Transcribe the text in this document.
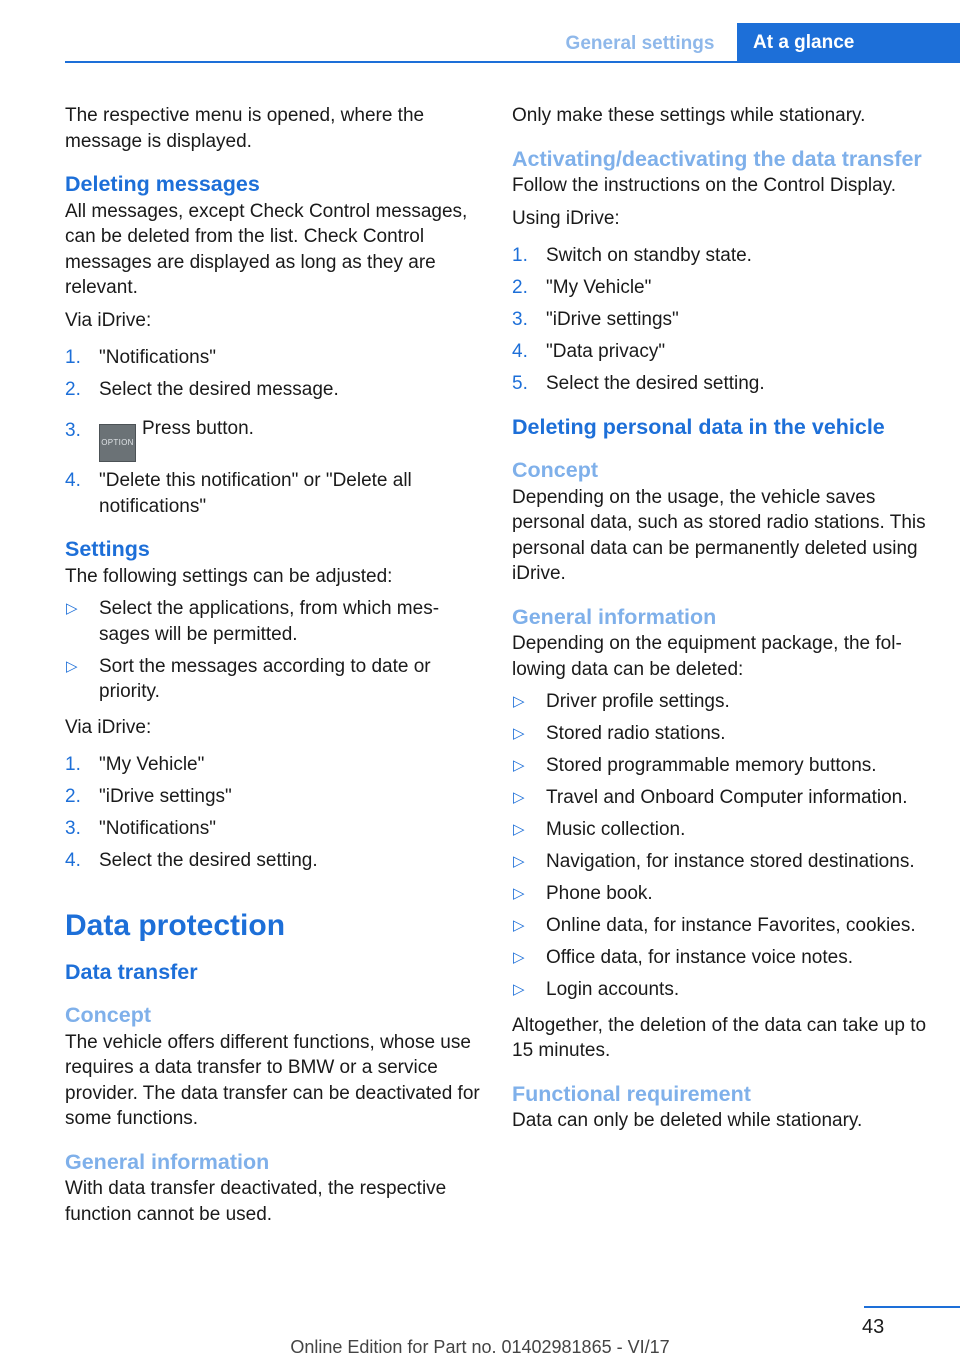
General settings	At a glance

The respective menu is opened, where the message is displayed.

Deleting messages

All messages, except Check Control messages, can be deleted from the list. Check Control messages are displayed as long as they are relevant.

Via iDrive:

1. "Notifications"
2. Select the desired message.
3.
OPTIONPress button.
4. "Delete this notification" or "Delete all notifications"
Settings

The following settings can be adjusted:

▷ Select the applications, from which messages will be permitted.
▷ Sort the messages according to date or priority.

Via iDrive:

1. "My Vehicle"
2. "iDrive settings"
3. "Notifications"
4. Select the desired setting.
Data protection
Data transfer
Concept

The vehicle offers different functions, whose use requires a data transfer to BMW or a service provider. The data transfer can be deactivated for some functions.

General information

With data transfer deactivated, the respective function cannot be used.

Only make these settings while stationary.

Activating/deactivating the data transfer

Follow the instructions on the Control Display.

Using iDrive:

1. Switch on standby state.
2. "My Vehicle"
3. "iDrive settings"
4. "Data privacy"
5. Select the desired setting.
Deleting personal data in the vehicle
Concept

Depending on the usage, the vehicle saves personal data, such as stored radio stations. This personal data can be permanently deleted using iDrive.

General information

Depending on the equipment package, the following data can be deleted:

▷ Driver profile settings.
▷ Stored radio stations.
▷ Stored programmable memory buttons.
▷ Travel and Onboard Computer information.
▷ Music collection.
▷ Navigation, for instance stored destinations.
▷ Phone book.
▷ Online data, for instance Favorites, cookies.
▷ Office data, for instance voice notes.
▷ Login accounts.

Altogether, the deletion of the data can take up to 15 minutes.

Functional requirement

Data can only be deleted while stationary.

43
Online Edition for Part no. 01402981865 - VI/17
